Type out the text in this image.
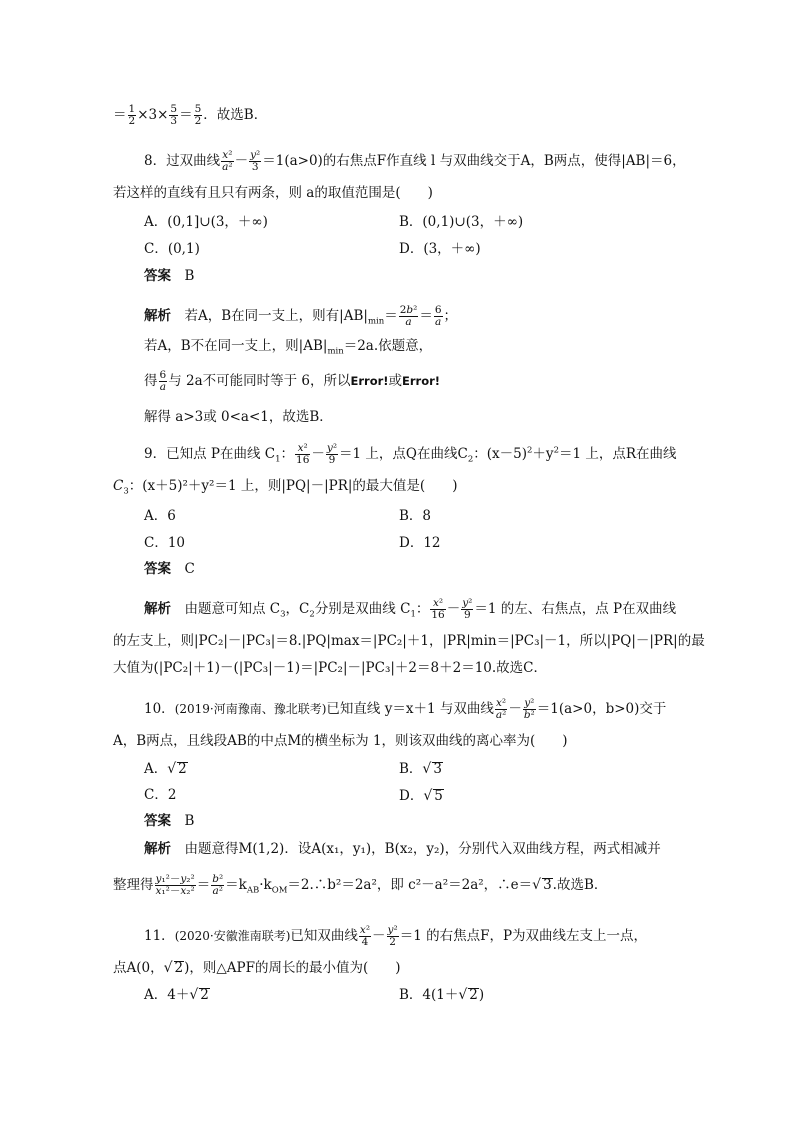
＝ $\frac{1}{2} \times 3\times \frac{5}{3} = \frac{5}{2}$ ．故选B．
8．过双曲线 $\frac{\text{x²}}{\text{a²}} - \frac{\text{y²}}{3} =1(a>0)$的右焦点F作直线 l 与双曲线交于A，B两点，使得|AB|＝6，
若这样的直线有且只有两条，则 a的取值范围是(　　)
A．(0,1]∪(3，＋∞)	B．(0,1)∪(3，＋∞)
C．(0,1)	D．(3，＋∞)
答案　 B
解析　 若A，B在同一支上，则有$|AB|_{min}= \frac{\text{2b²}}{a} = \frac{6}{a}$ ；
若A，B不在同一支上，则$|AB|_{min}=2a$.依题意，
得 $\frac{6}{a}$ 与 2a不可能同时等于 6，所以Error!或Error!
解得 a>3或 0<a<1，故选B．
9．已知点 P在曲线 $C_1$： $\frac{\text{x²}}{16} - \frac{\text{y²}}{9} =1$ 上，点Q在曲线$C_2$：$(x-5)^2+y^2=1$ 上，点R在曲线
$C_3$：(x＋5)²＋y²＝1 上，则|PQ|－|PR|的最大值是(　　)
A．6	B．8
C．10	D．12
答案　 C
解析　 由题意可知点 $C_3$，$C_2$分别是双曲线 $C_1$： $\frac{\text{x²}}{16} - \frac{\text{y²}}{9} =1$ 的左、右焦点，点 P在双曲线
的左支上，则|PC₂|－|PC₃|＝8.|PQ|max＝|PC₂|＋1，|PR|min＝|PC₃|－1，所以|PQ|－|PR|的最
大值为(|PC₂|＋1)－(|PC₃|－1)＝|PC₂|－|PC₃|＋2＝8＋2＝10.故选C．
10．(2019·河南豫南、豫北联考)已知直线 y＝x＋1 与双曲线 $\frac{\text{x²}}{\text{a²}} - \frac{\text{y²}}{\text{b²}} =1(a>0$，b>0)交于
A，B两点，且线段AB的中点M的横坐标为 1，则该双曲线的离心率为(　　)
A．√ 2	B．√ 3
C．2	D．√ 5
答案　 B
解析　 由题意得M(1,2)．设A(x₁，y₁)，B(x₂，y₂)，分别代入双曲线方程，两式相减并
整理得 $\frac{\text{y₁²－y₂²}}{\text{x₁²－x₂²}} = \frac{\text{b²}}{\text{a²}}$ $=k_{AB}\cdot k_{OM}=2.\therefore b^2=2a^2$，即 c²－a²＝2a²，∴e＝√ 3.故选B．
11．(2020·安徽淮南联考)已知双曲线 $\frac{\text{x²}}{4} - \frac{\text{y²}}{2} =1$ 的右焦点F，P为双曲线左支上一点，
点A(0，√ 2)，则△APF的周长的最小值为(　　)
A．4＋√ 2	B．4(1＋√ 2)
